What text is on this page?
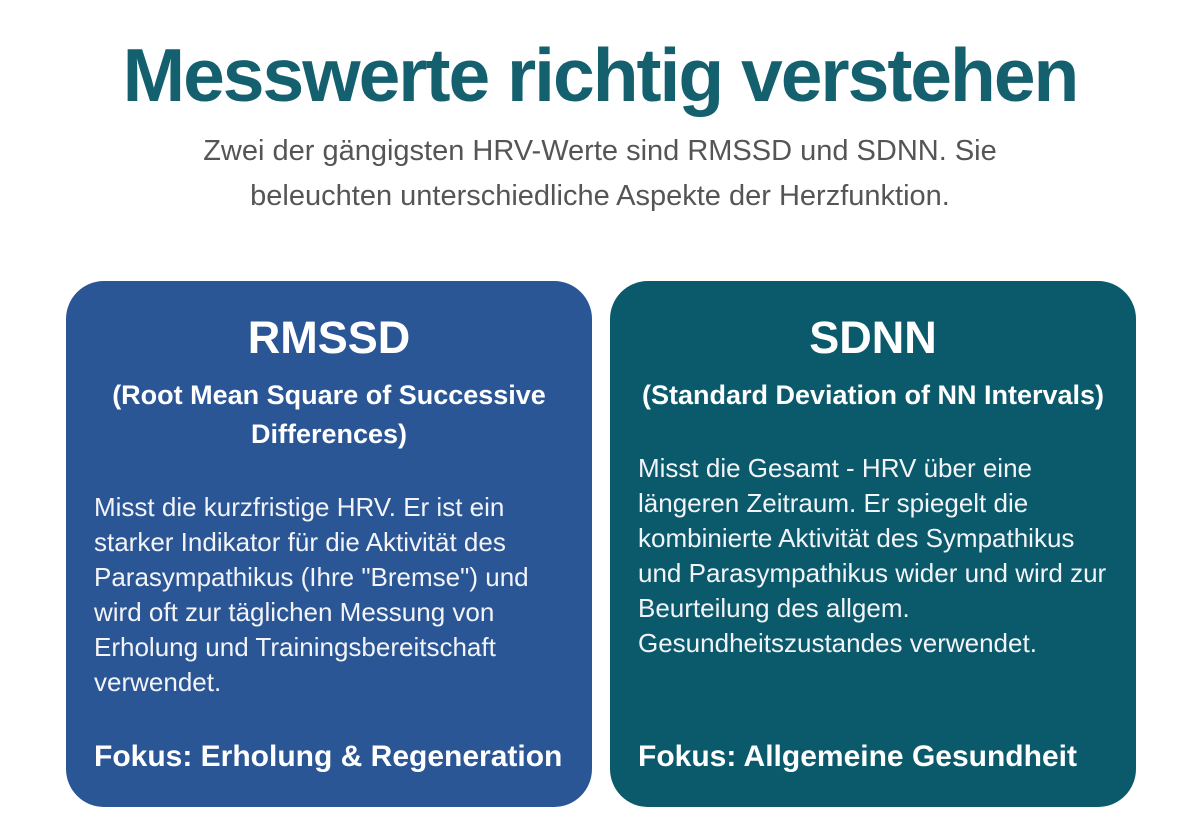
Messwerte richtig verstehen

Zwei der gängigsten HRV-Werte sind RMSSD und SDNN. Sie beleuchten unterschiedliche Aspekte der Herzfunktion.

RMSSD
(Root Mean Square of Successive Differences)

Misst die kurzfristige HRV. Er ist ein starker Indikator für die Aktivität des Parasympathikus (Ihre "Bremse") und wird oft zur täglichen Messung von Erholung und Trainingsbereitschaft verwendet.

Fokus: Erholung & Regeneration

SDNN
(Standard Deviation of NN Intervals)

Misst die Gesamt - HRV über eine längeren Zeitraum. Er spiegelt die kombinierte Aktivität des Sympathikus und Parasympathikus wider und wird zur Beurteilung des allgem. Gesundheitszustandes verwendet.

Fokus: Allgemeine Gesundheit
